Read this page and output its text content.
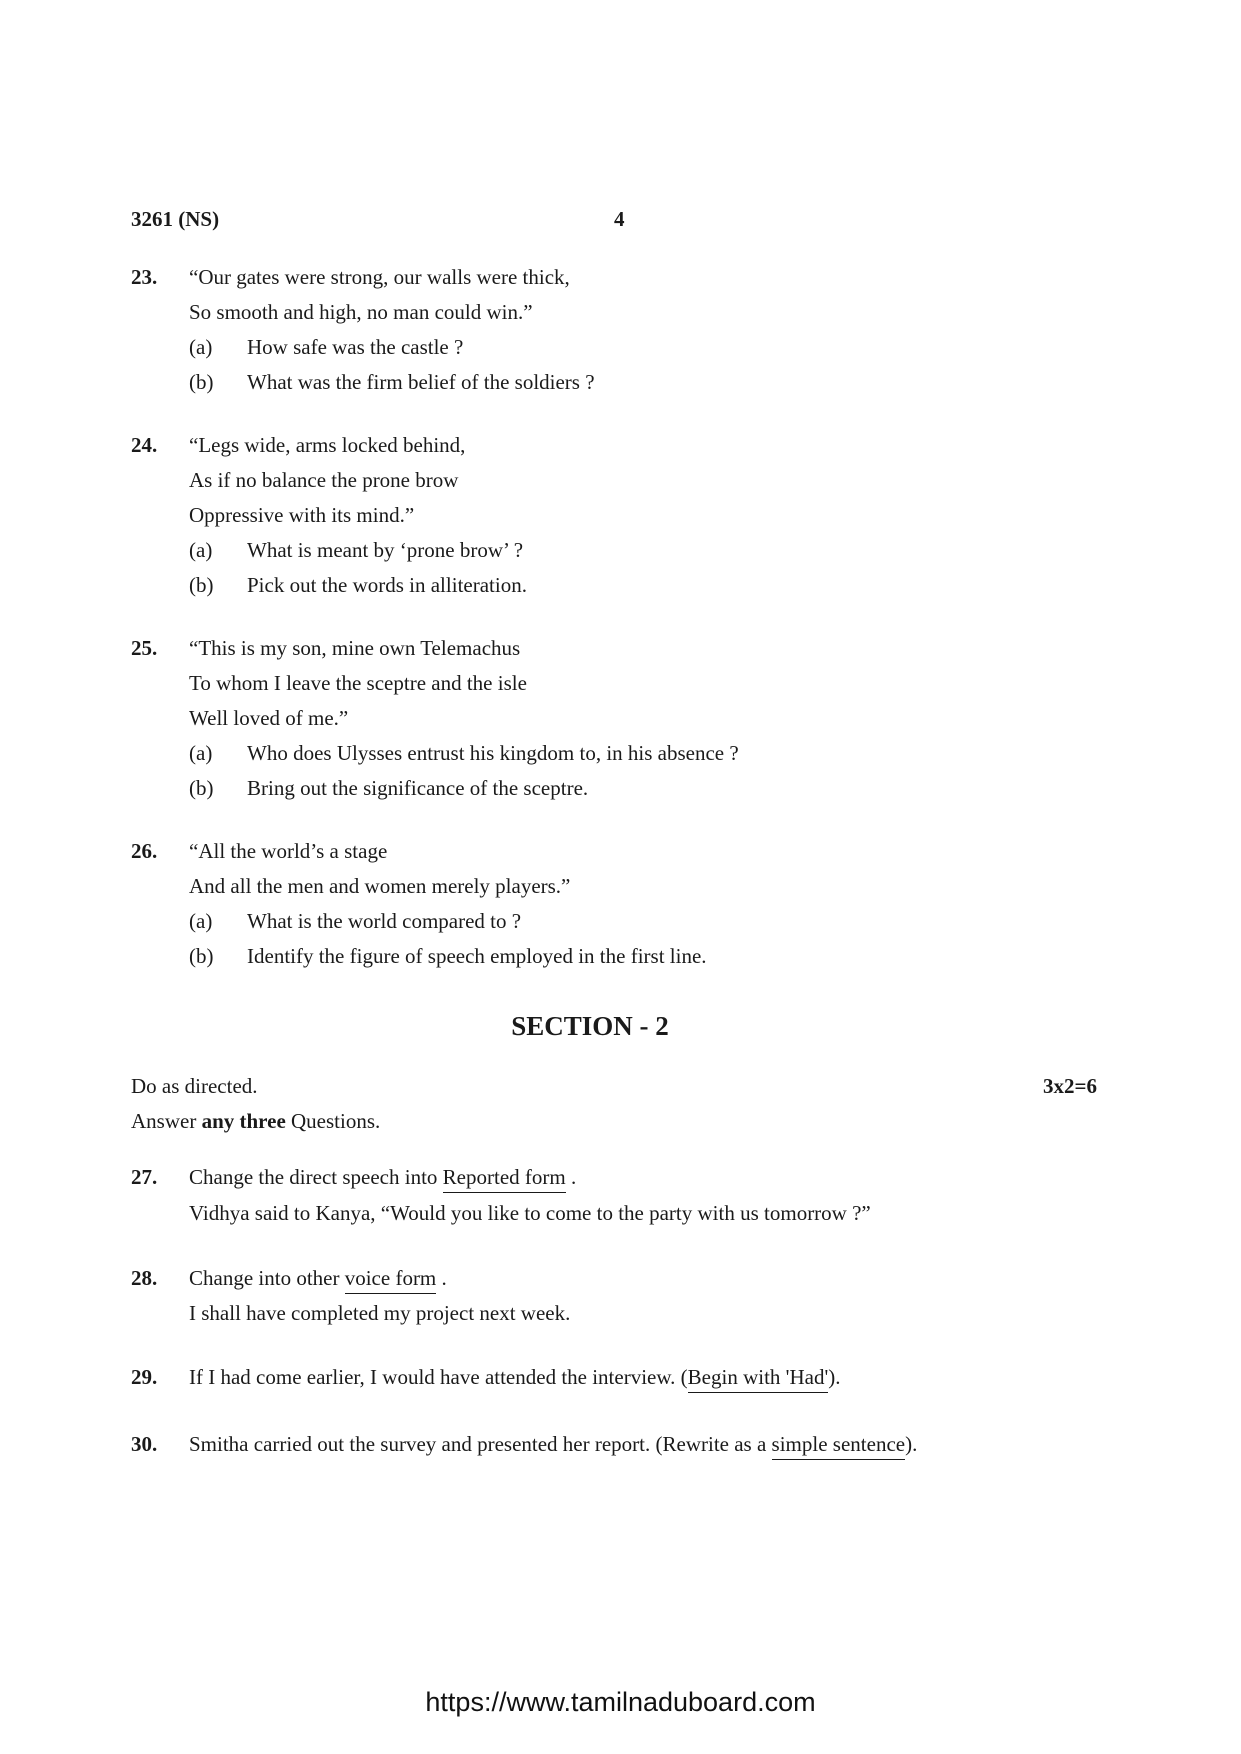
3261 (NS)	4
23. “Our gates were strong, our walls were thick,
So smooth and high, no man could win.”
(a) How safe was the castle ?
(b) What was the firm belief of the soldiers ?
24. “Legs wide, arms locked behind,
As if no balance the prone brow
Oppressive with its mind.”
(a) What is meant by ‘prone brow’ ?
(b) Pick out the words in alliteration.
25. “This is my son, mine own Telemachus
To whom I leave the sceptre and the isle
Well loved of me.”
(a) Who does Ulysses entrust his kingdom to, in his absence ?
(b) Bring out the significance of the sceptre.
26. “All the world’s a stage
And all the men and women merely players.”
(a) What is the world compared to ?
(b) Identify the figure of speech employed in the first line.
SECTION - 2
Do as directed.	3x2=6
Answer any three Questions.
27. Change the direct speech into Reported form .
Vidhya said to Kanya, “Would you like to come to the party with us tomorrow ?”
28. Change into other voice form .
I shall have completed my project next week.
29. If I had come earlier, I would have attended the interview. (Begin with 'Had').
30. Smitha carried out the survey and presented her report. (Rewrite as a simple sentence).
https://www.tamilnaduboard.com
